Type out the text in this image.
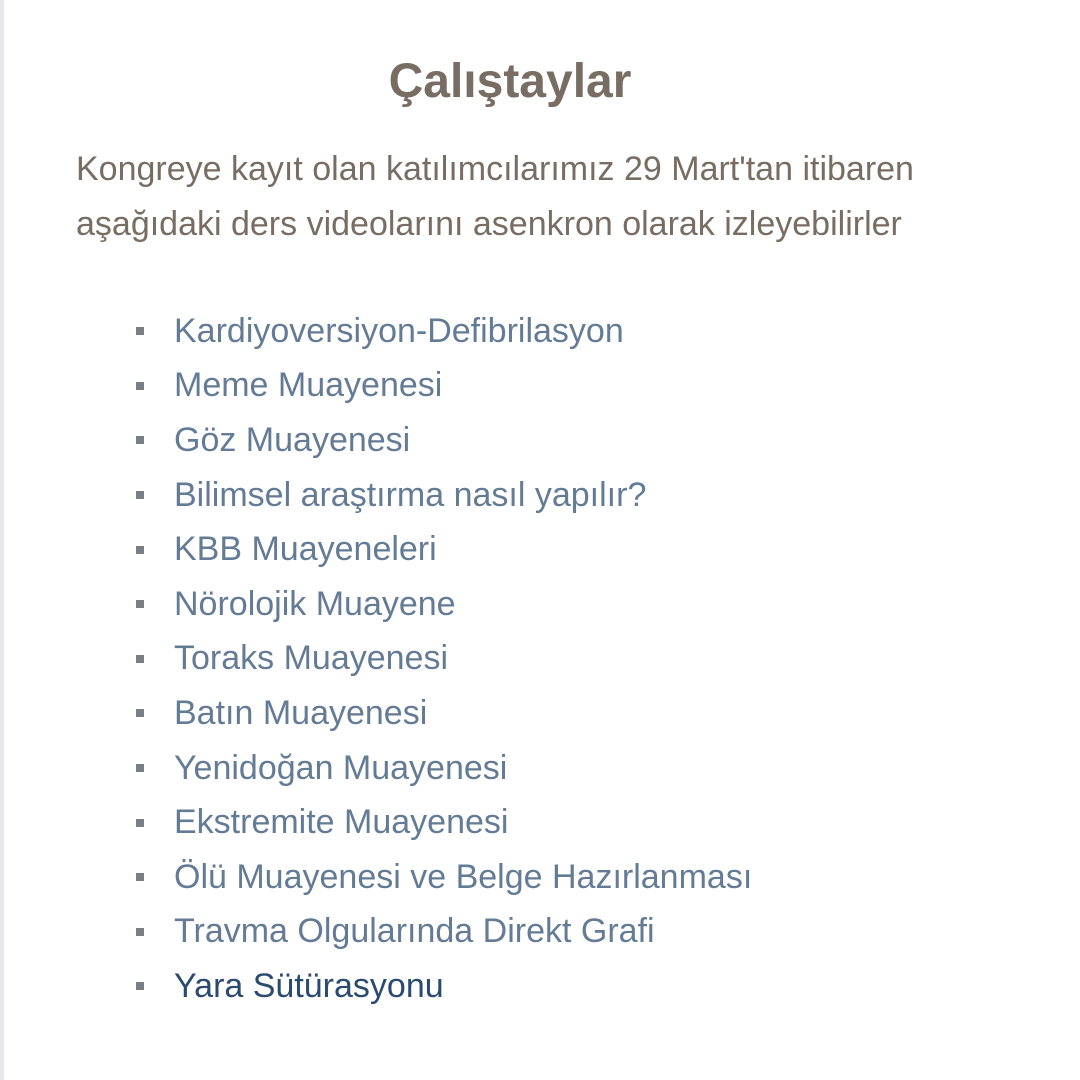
Çalıştaylar

Kongreye kayıt olan katılımcılarımız 29 Mart'tan itibaren aşağıdaki ders videolarını asenkron olarak izleyebilirler

Kardiyoversiyon-Defibrilasyon
Meme Muayenesi
Göz Muayenesi
Bilimsel araştırma nasıl yapılır?
KBB Muayeneleri
Nörolojik Muayene
Toraks Muayenesi
Batın Muayenesi
Yenidoğan Muayenesi
Ekstremite Muayenesi
Ölü Muayenesi ve Belge Hazırlanması
Travma Olgularında Direkt Grafi
Yara Sütürasyonu
